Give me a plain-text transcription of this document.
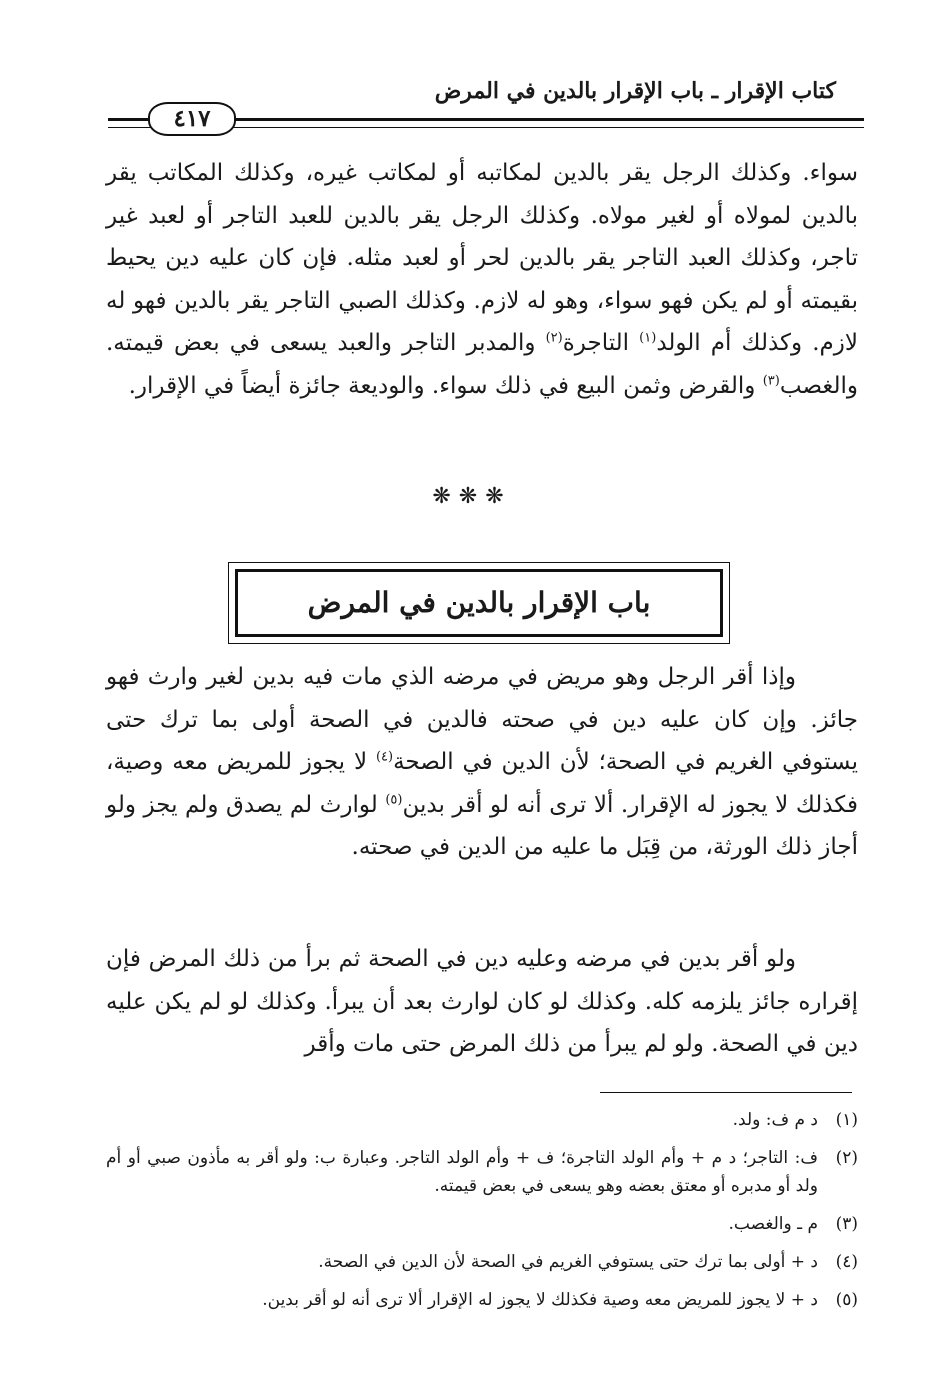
كتاب الإقرار ـ باب الإقرار بالدين في المرض
٤١٧
سواء. وكذلك الرجل يقر بالدين لمكاتبه أو لمكاتب غيره، وكذلك المكاتب يقر بالدين لمولاه أو لغير مولاه. وكذلك الرجل يقر بالدين للعبد التاجر أو لعبد غير تاجر، وكذلك العبد التاجر يقر بالدين لحر أو لعبد مثله. فإن كان عليه دين يحيط بقيمته أو لم يكن فهو سواء، وهو له لازم. وكذلك الصبي التاجر يقر بالدين فهو له لازم. وكذلك أم الولد$^{(١)}$ التاجرة$^{(٢)}$ والمدبر التاجر والعبد يسعى في بعض قيمته. والغصب$^{(٣)}$ والقرض وثمن البيع في ذلك سواء. والوديعة جائزة أيضاً في الإقرار.
❋❋❋
باب الإقرار بالدين في المرض
وإذا أقر الرجل وهو مريض في مرضه الذي مات فيه بدين لغير وارث فهو جائز. وإن كان عليه دين في صحته فالدين في الصحة أولى بما ترك حتى يستوفي الغريم في الصحة؛ لأن الدين في الصحة$^{(٤)}$ لا يجوز للمريض معه وصية، فكذلك لا يجوز له الإقرار. ألا ترى أنه لو أقر بدين$^{(٥)}$ لوارث لم يصدق ولم يجز ولو أجاز ذلك الورثة، من قِبَل ما عليه من الدين في صحته.
ولو أقر بدين في مرضه وعليه دين في الصحة ثم برأ من ذلك المرض فإن إقراره جائز يلزمه كله. وكذلك لو كان لوارث بعد أن يبرأ. وكذلك لو لم يكن عليه دين في الصحة. ولو لم يبرأ من ذلك المرض حتى مات وأقر
(١)
د م ف: ولد.
(٢)
ف: التاجر؛ د م + وأم الولد التاجرة؛ ف + وأم الولد التاجر. وعبارة ب: ولو أقر به مأذون صبي أو أم ولد أو مدبره أو معتق بعضه وهو يسعى في بعض قيمته.
(٣)
م ـ والغصب.
(٤)
د + أولى بما ترك حتى يستوفي الغريم في الصحة لأن الدين في الصحة.
(٥)
د + لا يجوز للمريض معه وصية فكذلك لا يجوز له الإقرار ألا ترى أنه لو أقر بدين.
